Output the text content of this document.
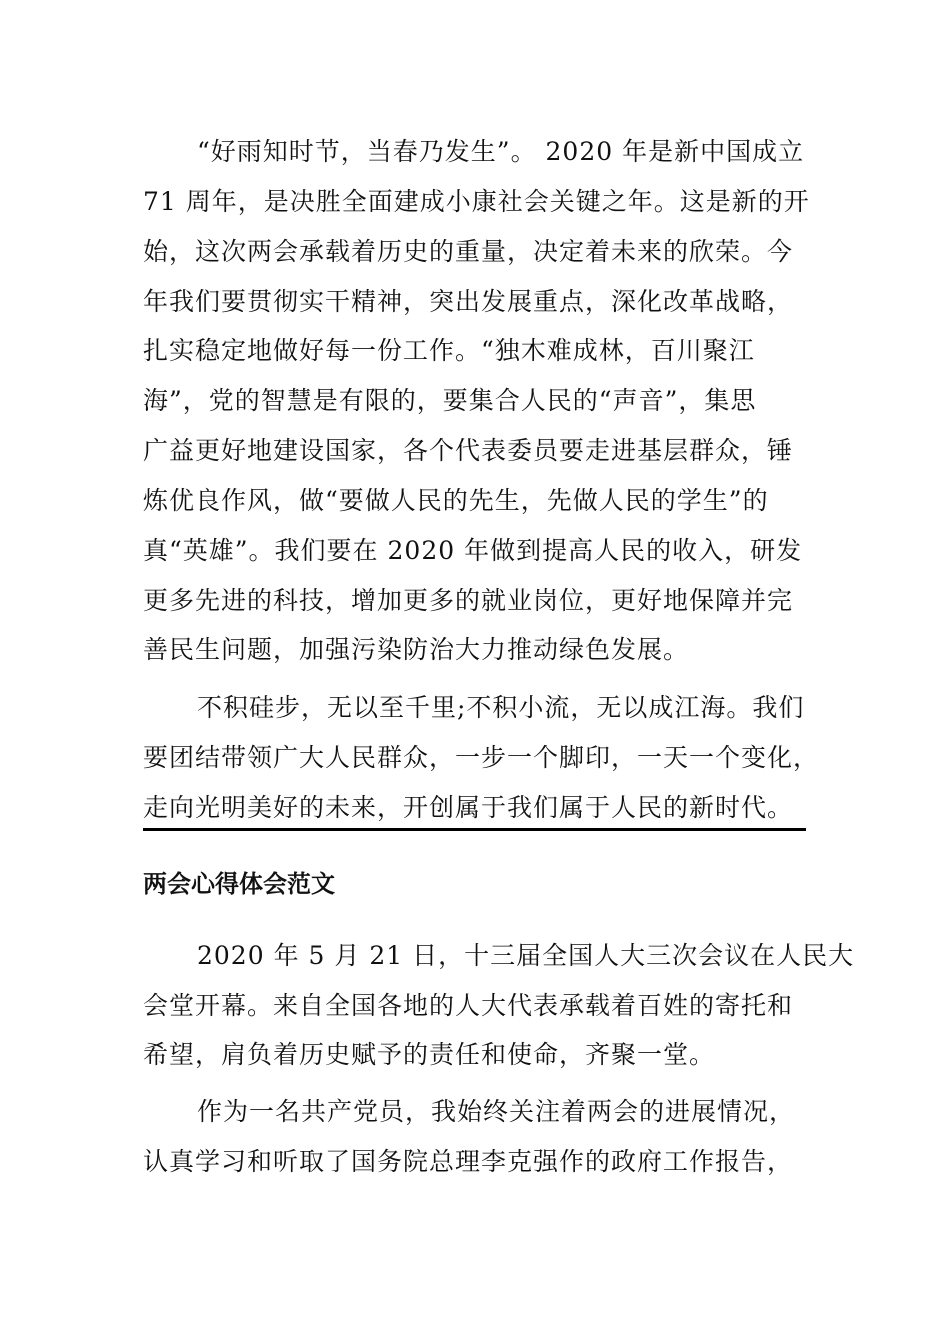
“好雨知时节，当春乃发生”。 2020 年是新中国成立
71 周年，是决胜全面建成小康社会关键之年。这是新的开
始，这次两会承载着历史的重量，决定着未来的欣荣。今
年我们要贯彻实干精神，突出发展重点，深化改革战略，
扎实稳定地做好每一份工作。“独木难成林，百川聚江
海”，党的智慧是有限的，要集合人民的“声音”，集思
广益更好地建设国家，各个代表委员要走进基层群众，锤
炼优良作风，做“要做人民的先生，先做人民的学生”的
真“英雄”。我们要在 2020 年做到提高人民的收入，研发
更多先进的科技，增加更多的就业岗位，更好地保障并完
善民生问题，加强污染防治大力推动绿色发展。
不积硅步，无以至千里;不积小流，无以成江海。我们
要团结带领广大人民群众，一步一个脚印，一天一个变化，
走向光明美好的未来，开创属于我们属于人民的新时代。
两会心得体会范文
2020 年 5 月 21 日，十三届全国人大三次会议在人民大
会堂开幕。来自全国各地的人大代表承载着百姓的寄托和
希望，肩负着历史赋予的责任和使命，齐聚一堂。
作为一名共产党员，我始终关注着两会的进展情况，
认真学习和听取了国务院总理李克强作的政府工作报告，
